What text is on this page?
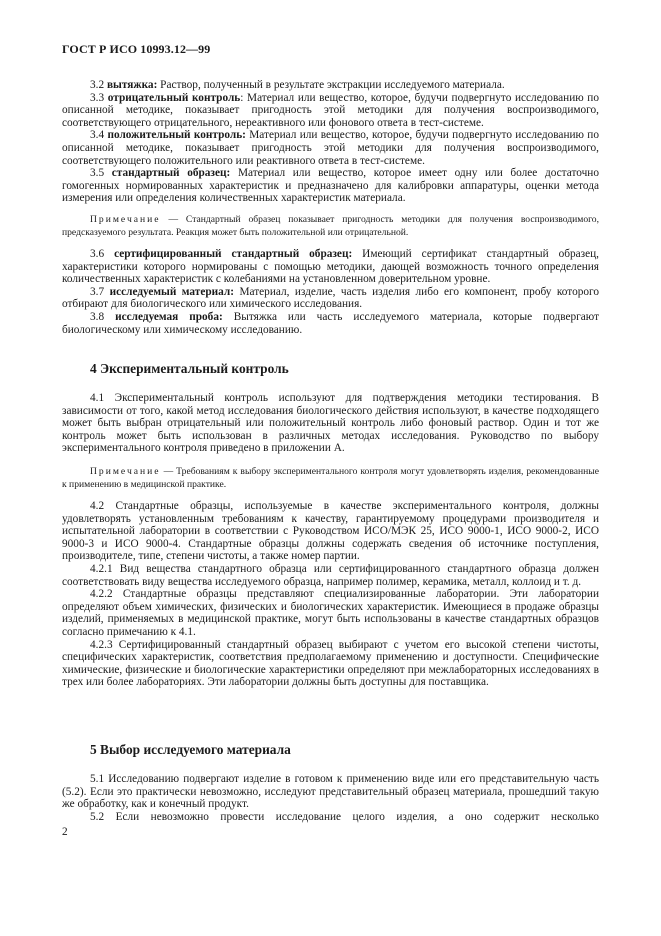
ГОСТ Р ИСО 10993.12—99

3.2 вытяжка: Раствор, полученный в результате экстракции исследуемого материала.

3.3 отрицательный контроль: Материал или вещество, которое, будучи подвергнуто исследованию по описанной методике, показывает пригодность этой методики для получения воспроизводимого, соответствующего отрицательного, нереактивного или фонового ответа в тест-системе.

3.4 положительный контроль: Материал или вещество, которое, будучи подвергнуто исследованию по описанной методике, показывает пригодность этой методики для получения воспроизводимого, соответствующего положительного или реактивного ответа в тест-системе.

3.5 стандартный образец: Материал или вещество, которое имеет одну или более достаточно гомогенных нормированных характеристик и предназначено для калибровки аппаратуры, оценки метода измерения или определения количественных характеристик материала.

Примечание — Стандартный образец показывает пригодность методики для получения воспроизводимого, предсказуемого результата. Реакция может быть положительной или отрицательной.

3.6 сертифицированный стандартный образец: Имеющий сертификат стандартный образец, характеристики которого нормированы с помощью методики, дающей возможность точного определения количественных характеристик с колебаниями на установленном доверительном уровне.

3.7 исследуемый материал: Материал, изделие, часть изделия либо его компонент, пробу которого отбирают для биологического или химического исследования.

3.8 исследуемая проба: Вытяжка или часть исследуемого материала, которые подвергают биологическому или химическому исследованию.

4 Экспериментальный контроль

4.1 Экспериментальный контроль используют для подтверждения методики тестирования. В зависимости от того, какой метод исследования биологического действия используют, в качестве подходящего может быть выбран отрицательный или положительный контроль либо фоновый раствор. Один и тот же контроль может быть использован в различных методах исследования. Руководство по выбору экспериментального контроля приведено в приложении А.

Примечание — Требованиям к выбору экспериментального контроля могут удовлетворять изделия, рекомендованные к применению в медицинской практике.

4.2 Стандартные образцы, используемые в качестве экспериментального контроля, должны удовлетворять установленным требованиям к качеству, гарантируемому процедурами производителя и испытательной лаборатории в соответствии с Руководством ИСО/МЭК 25, ИСО 9000-1, ИСО 9000-2, ИСО 9000-3 и ИСО 9000-4. Стандартные образцы должны содержать сведения об источнике поступления, производителе, типе, степени чистоты, а также номер партии.

4.2.1 Вид вещества стандартного образца или сертифицированного стандартного образца должен соответствовать виду вещества исследуемого образца, например полимер, керамика, металл, коллоид и т. д.

4.2.2 Стандартные образцы представляют специализированные лаборатории. Эти лаборатории определяют объем химических, физических и биологических характеристик. Имеющиеся в продаже образцы изделий, применяемых в медицинской практике, могут быть использованы в качестве стандартных образцов согласно примечанию к 4.1.

4.2.3 Сертифицированный стандартный образец выбирают с учетом его высокой степени чистоты, специфических характеристик, соответствия предполагаемому применению и доступности. Специфические химические, физические и биологические характеристики определяют при межлабораторных исследованиях в трех или более лабораториях. Эти лаборатории должны быть доступны для поставщика.

5 Выбор исследуемого материала

5.1 Исследованию подвергают изделие в готовом к применению виде или его представительную часть (5.2). Если это практически невозможно, исследуют представительный образец материала, прошедший такую же обработку, как и конечный продукт.

5.2 Если невозможно провести исследование целого изделия, а оно содержит несколько

2
